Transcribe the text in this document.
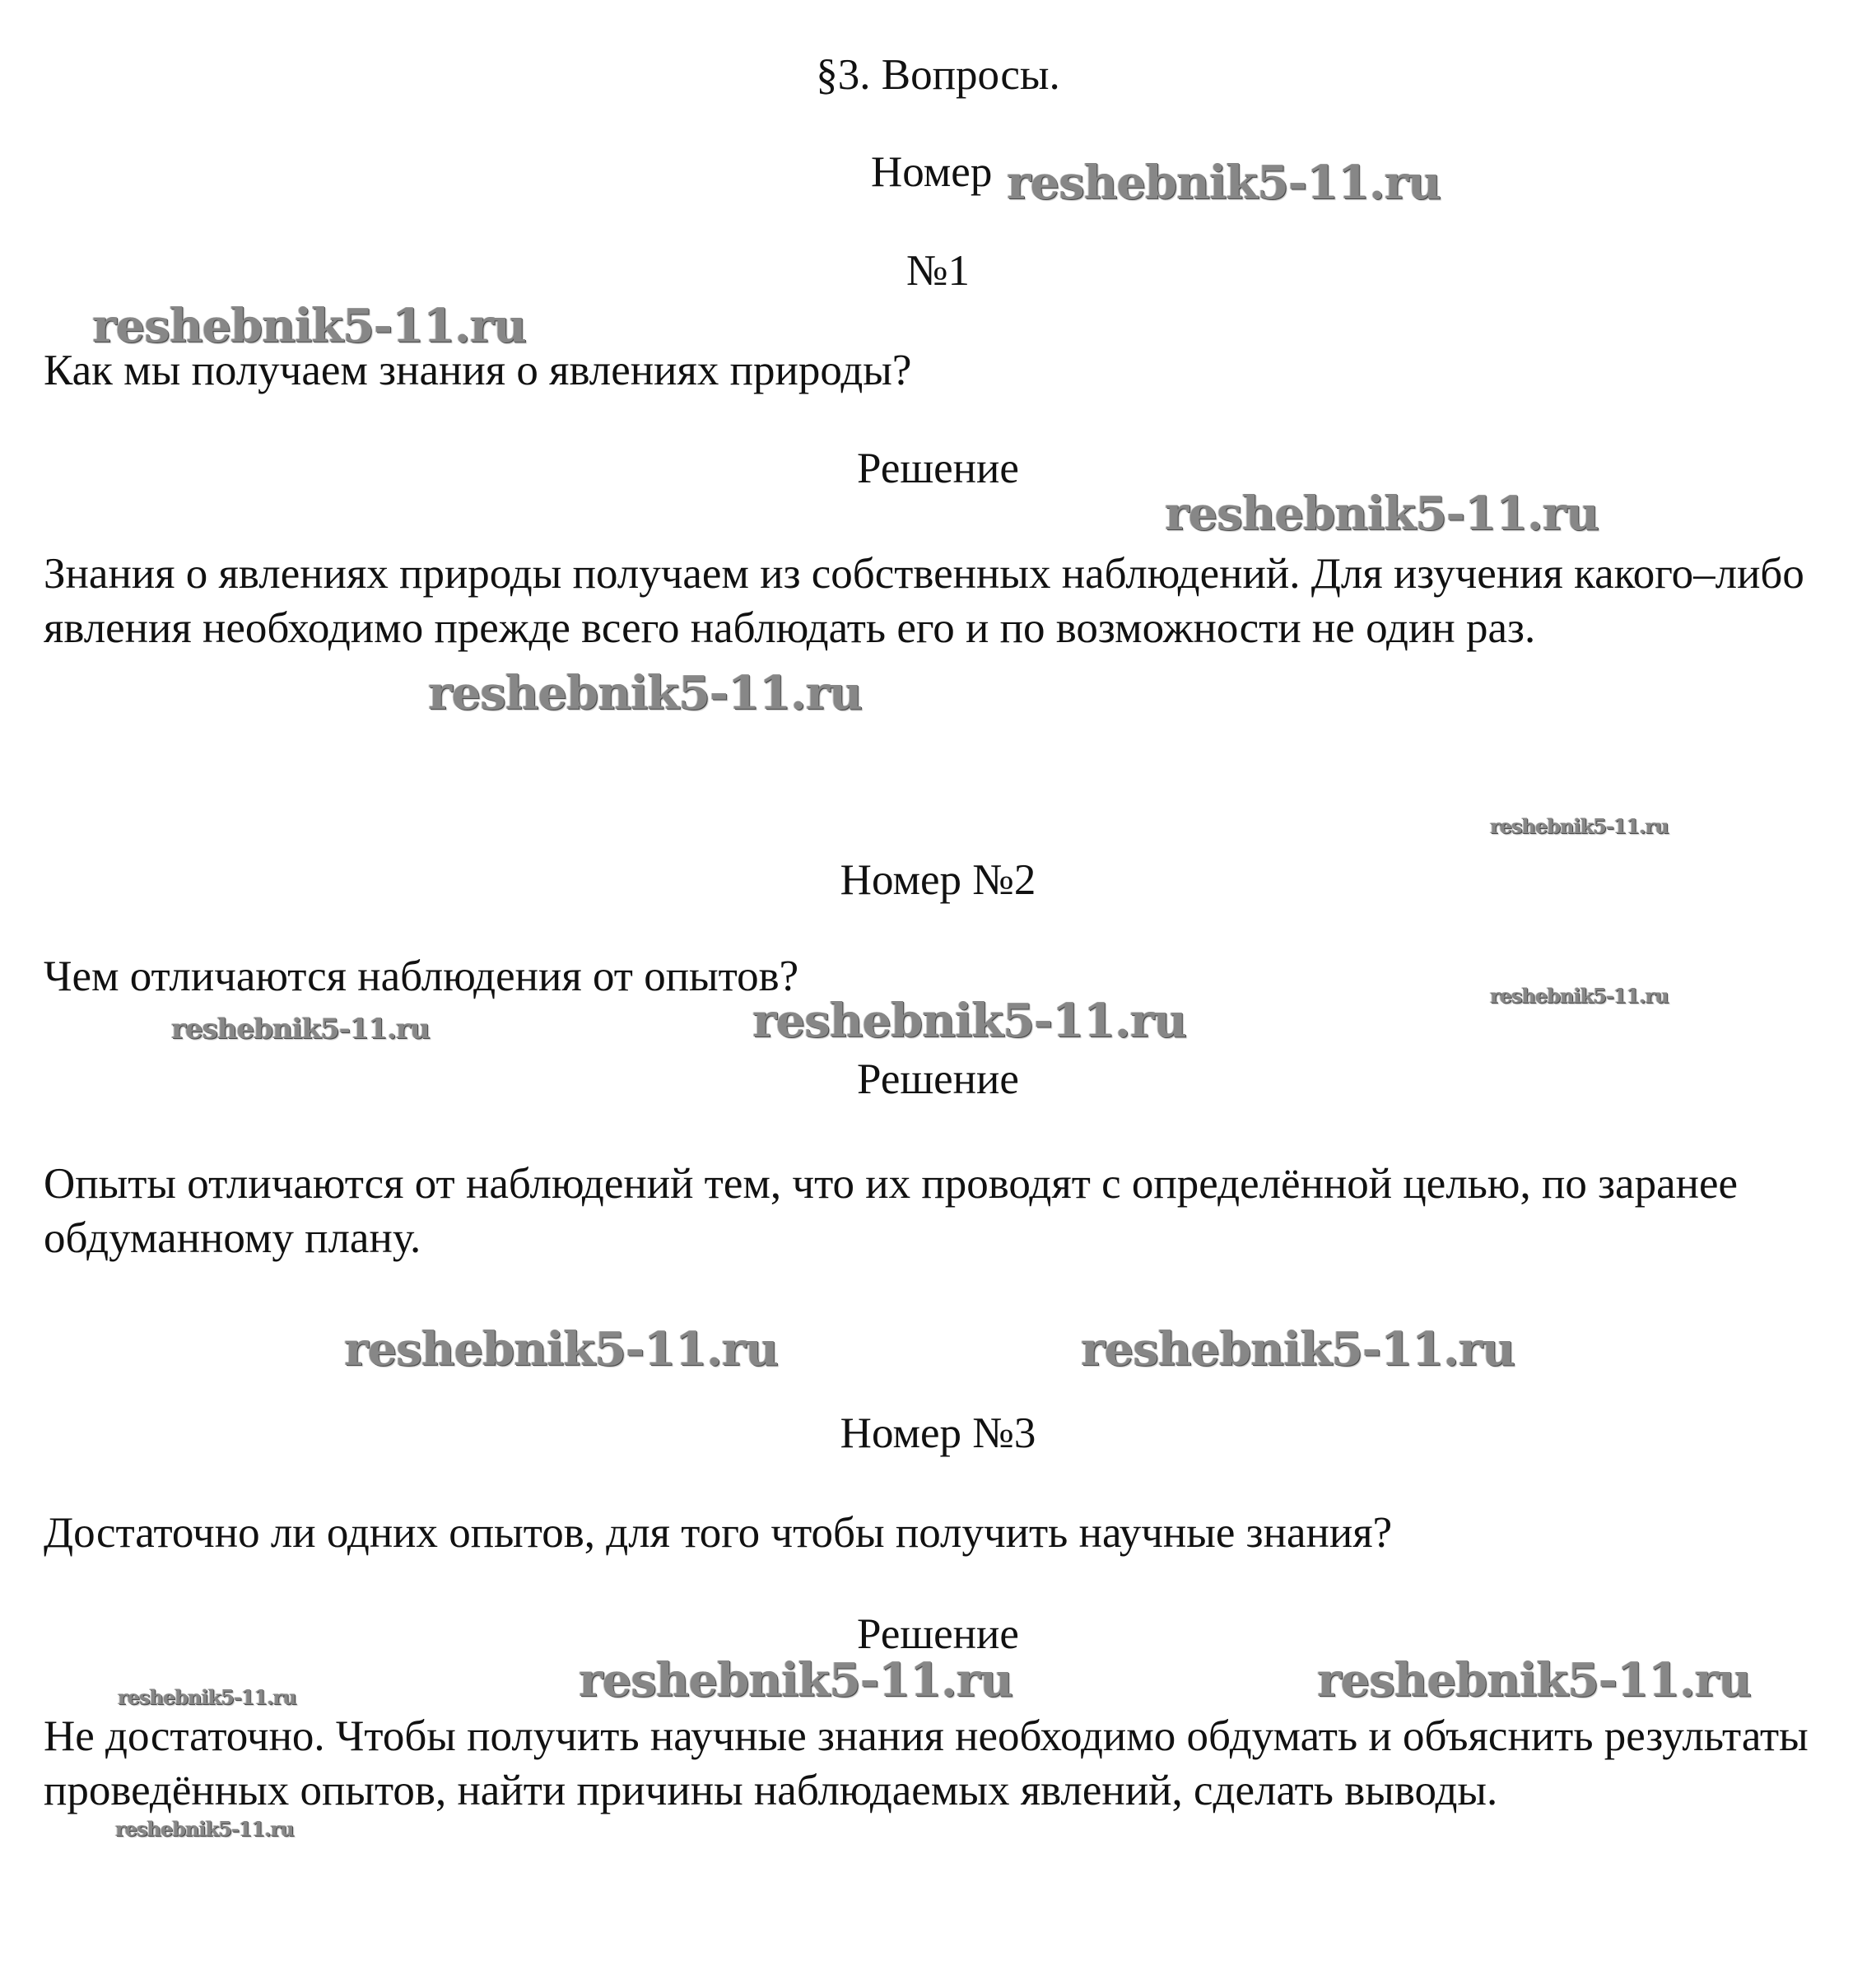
§3. Вопросы.
Номер
№1
Как мы получаем знания о явлениях природы?
Решение
Знания о явлениях природы получаем из собственных наблюдений. Для изучения какого–либо явления необходимо прежде всего наблюдать его и по возможности не один раз.
Номер №2
Чем отличаются наблюдения от опытов?
Решение
Опыты отличаются от наблюдений тем, что их проводят с определённой целью, по заранее обдуманному плану.
Номер №3
Достаточно ли одних опытов, для того чтобы получить научные знания?
Решение
Не достаточно. Чтобы получить научные знания необходимо обдумать и объяснить результаты проведённых опытов, найти причины наблюдаемых явлений, сделать выводы.
reshebnik5-11.ru
reshebnik5-11.ru
reshebnik5-11.ru
reshebnik5-11.ru
reshebnik5-11.ru
reshebnik5-11.ru
reshebnik5-11.ru	reshebnik5-11.ru
reshebnik5-11.ru	reshebnik5-11.ru
reshebnik5-11.ru	reshebnik5-11.ru	reshebnik5-11.ru
reshebnik5-11.ru
